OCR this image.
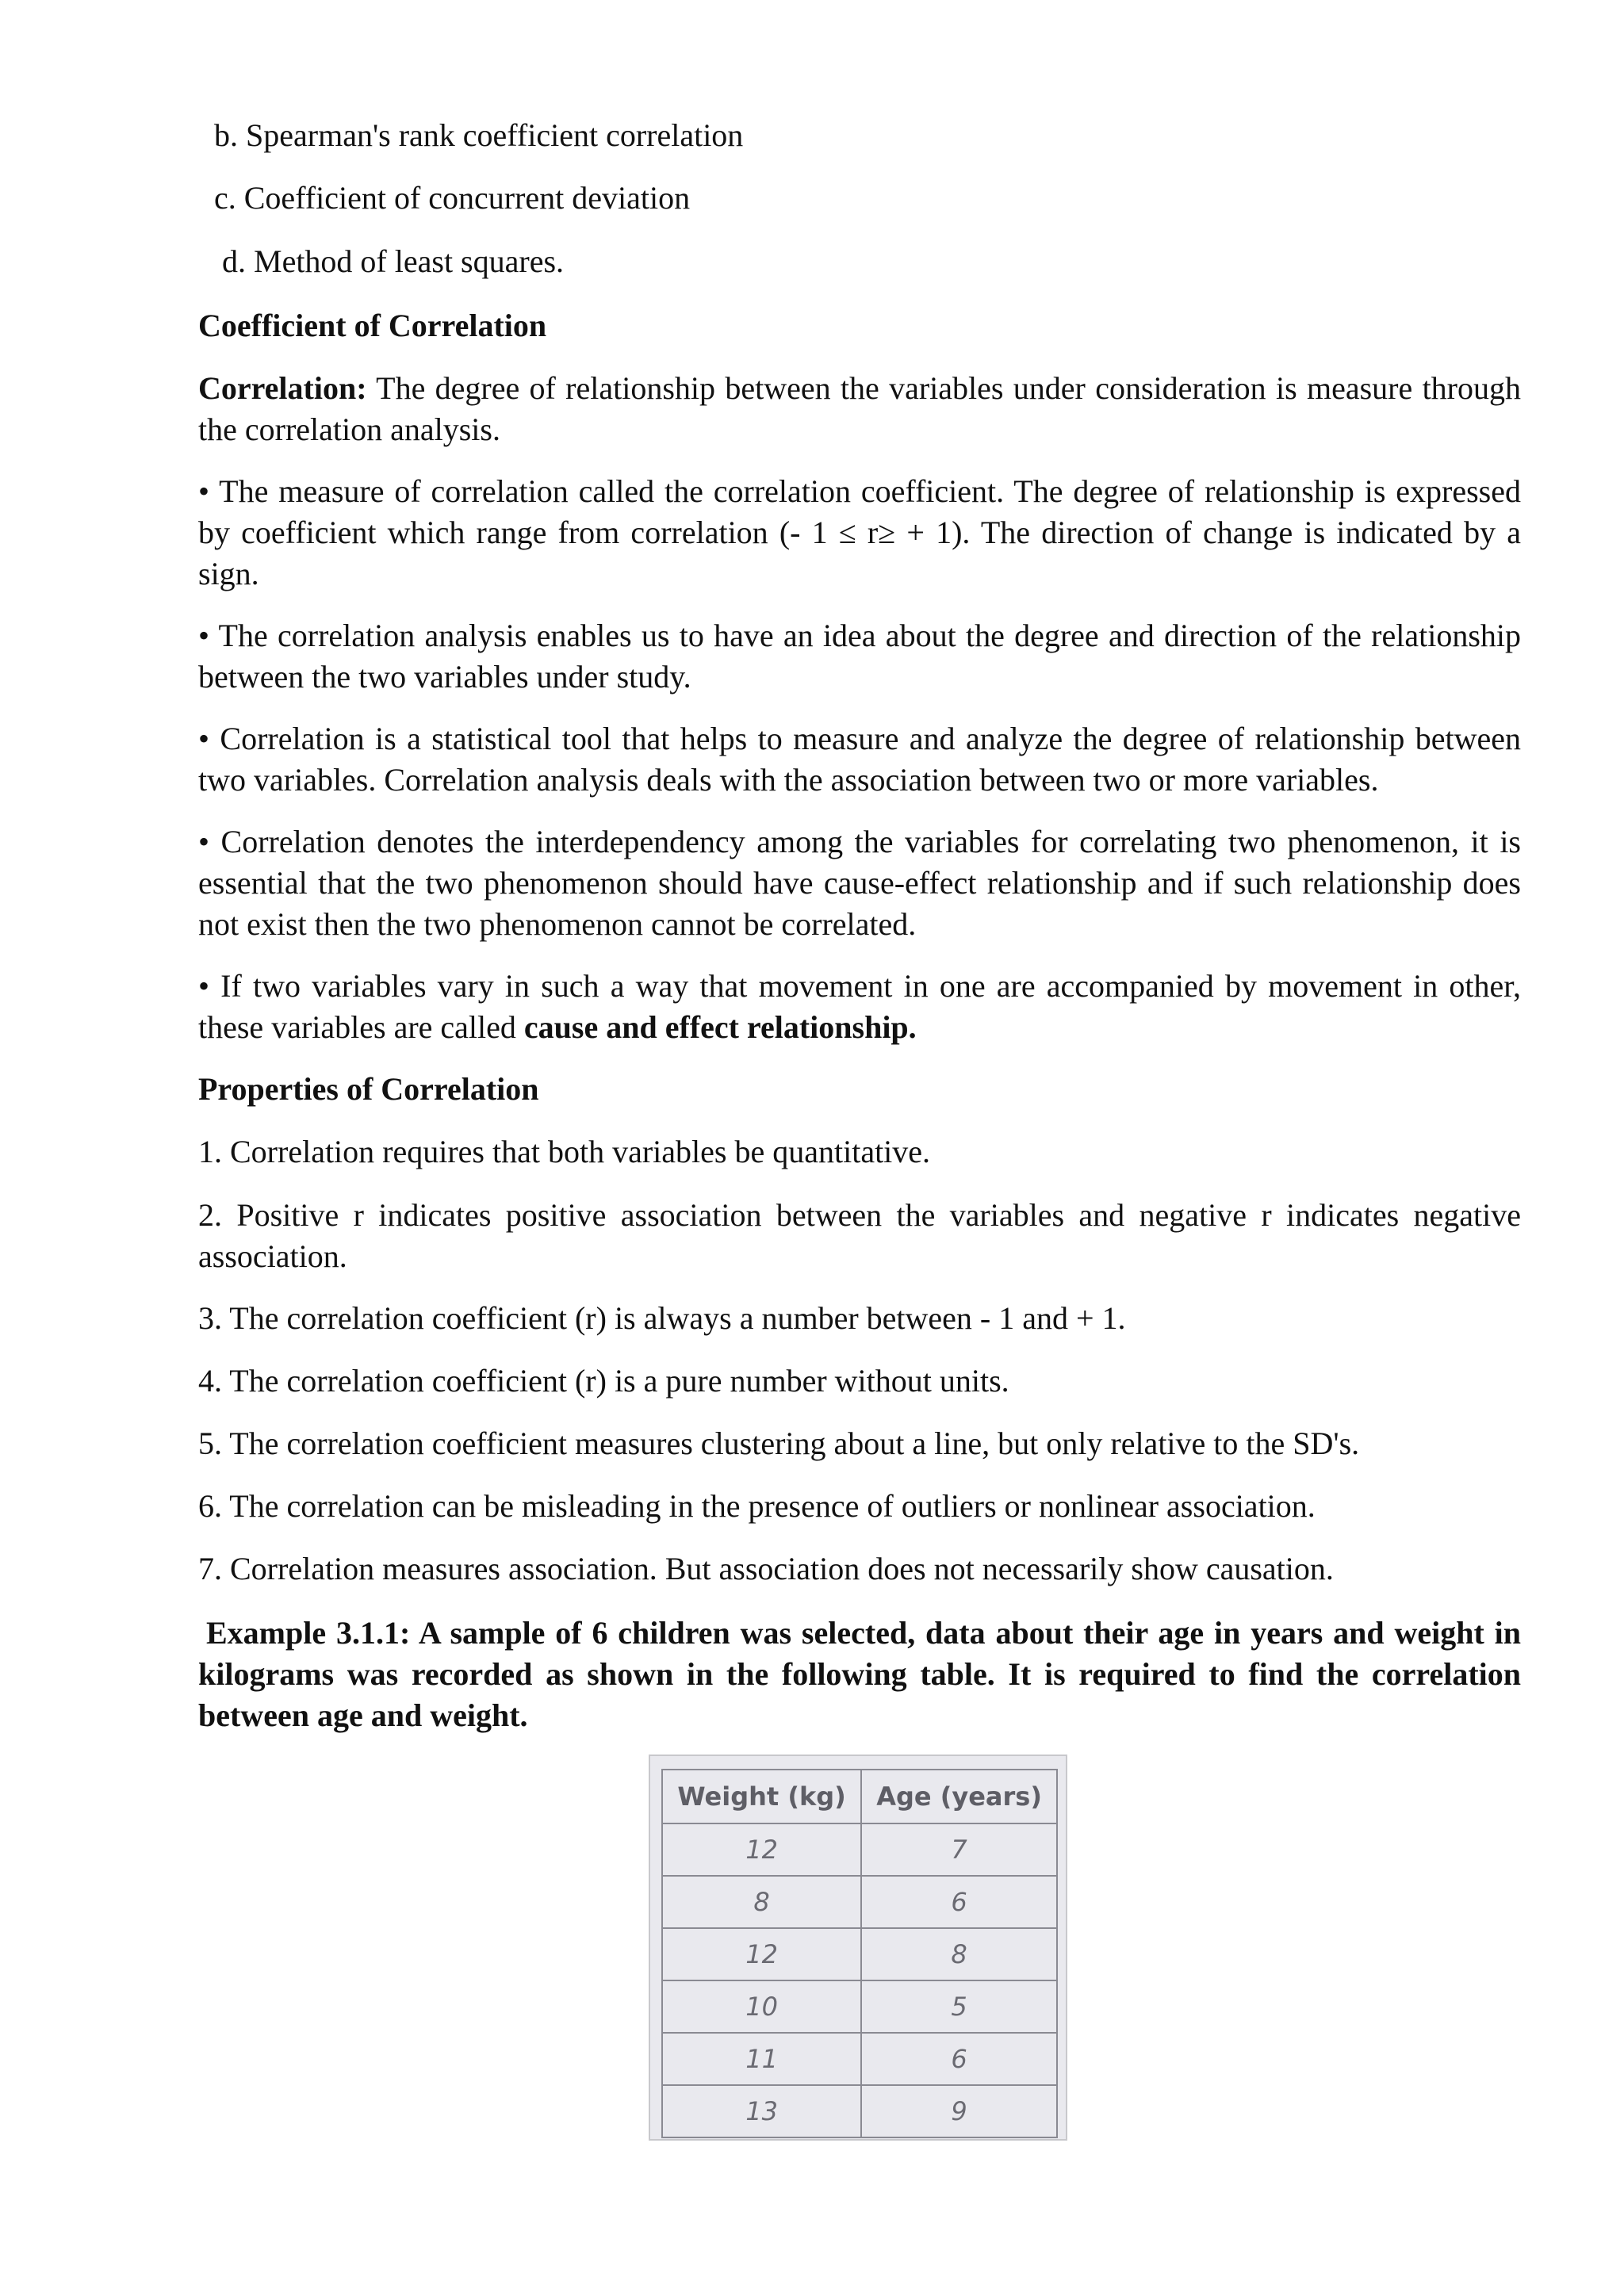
b. Spearman's rank coefficient correlation
c. Coefficient of concurrent deviation
d. Method of least squares.

Coefficient of Correlation

Correlation: The degree of relationship between the variables under consideration is measure through the correlation analysis.

• The measure of correlation called the correlation coefficient. The degree of relationship is expressed by coefficient which range from correlation (- 1 ≤ r≥ + 1). The direction of change is indicated by a sign.

• The correlation analysis enables us to have an idea about the degree and direction of the relationship between the two variables under study.

• Correlation is a statistical tool that helps to measure and analyze the degree of relationship between two variables. Correlation analysis deals with the association between two or more variables.

• Correlation denotes the interdependency among the variables for correlating two phenomenon, it is essential that the two phenomenon should have cause-effect relationship and if such relationship does not exist then the two phenomenon cannot be correlated.

• If two variables vary in such a way that movement in one are accompanied by movement in other, these variables are called cause and effect relationship.

Properties of Correlation

1. Correlation requires that both variables be quantitative.

2. Positive r indicates positive association between the variables and negative r indicates negative association.

3. The correlation coefficient (r) is always a number between - 1 and + 1.

4. The correlation coefficient (r) is a pure number without units.

5. The correlation coefficient measures clustering about a line, but only relative to the SD's.

6. The correlation can be misleading in the presence of outliers or nonlinear association.

7. Correlation measures association. But association does not necessarily show causation.

Example 3.1.1: A sample of 6 children was selected, data about their age in years and weight in kilograms was recorded as shown in the following table. It is required to find the correlation between age and weight.

Weight (kg)	Age (years)
12	7
8	6
12	8
10	5
11	6
13	9
